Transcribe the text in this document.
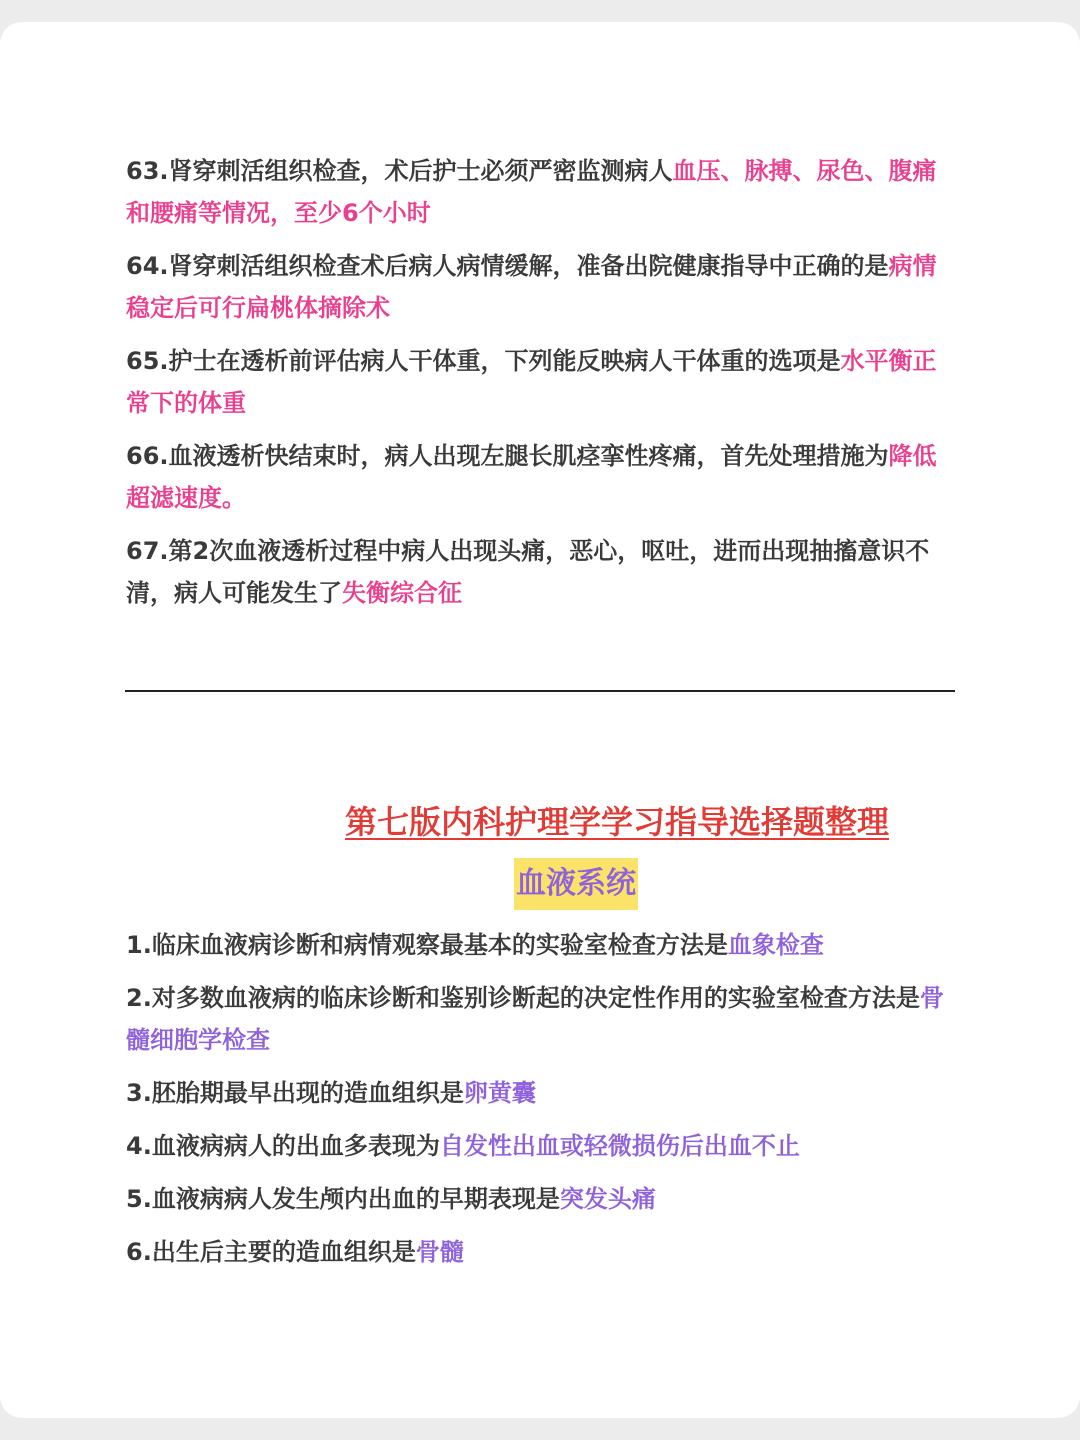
63.肾穿刺活组织检查，术后护士必须严密监测病人血压、脉搏、尿色、腹痛和腰痛等情况，至少6个小时

64.肾穿刺活组织检查术后病人病情缓解，准备出院健康指导中正确的是病情稳定后可行扁桃体摘除术

65.护士在透析前评估病人干体重，下列能反映病人干体重的选项是水平衡正常下的体重

66.血液透析快结束时，病人出现左腿长肌痉挛性疼痛，首先处理措施为降低超滤速度。

67.第2次血液透析过程中病人出现头痛，恶心，呕吐，进而出现抽搐意识不清，病人可能发生了失衡综合征

第七版内科护理学学习指导选择题整理
血液系统

1.临床血液病诊断和病情观察最基本的实验室检查方法是血象检查

2.对多数血液病的临床诊断和鉴别诊断起的决定性作用的实验室检查方法是骨髓细胞学检查

3.胚胎期最早出现的造血组织是卵黄囊

4.血液病病人的出血多表现为自发性出血或轻微损伤后出血不止

5.血液病病人发生颅内出血的早期表现是突发头痛

6.出生后主要的造血组织是骨髓
